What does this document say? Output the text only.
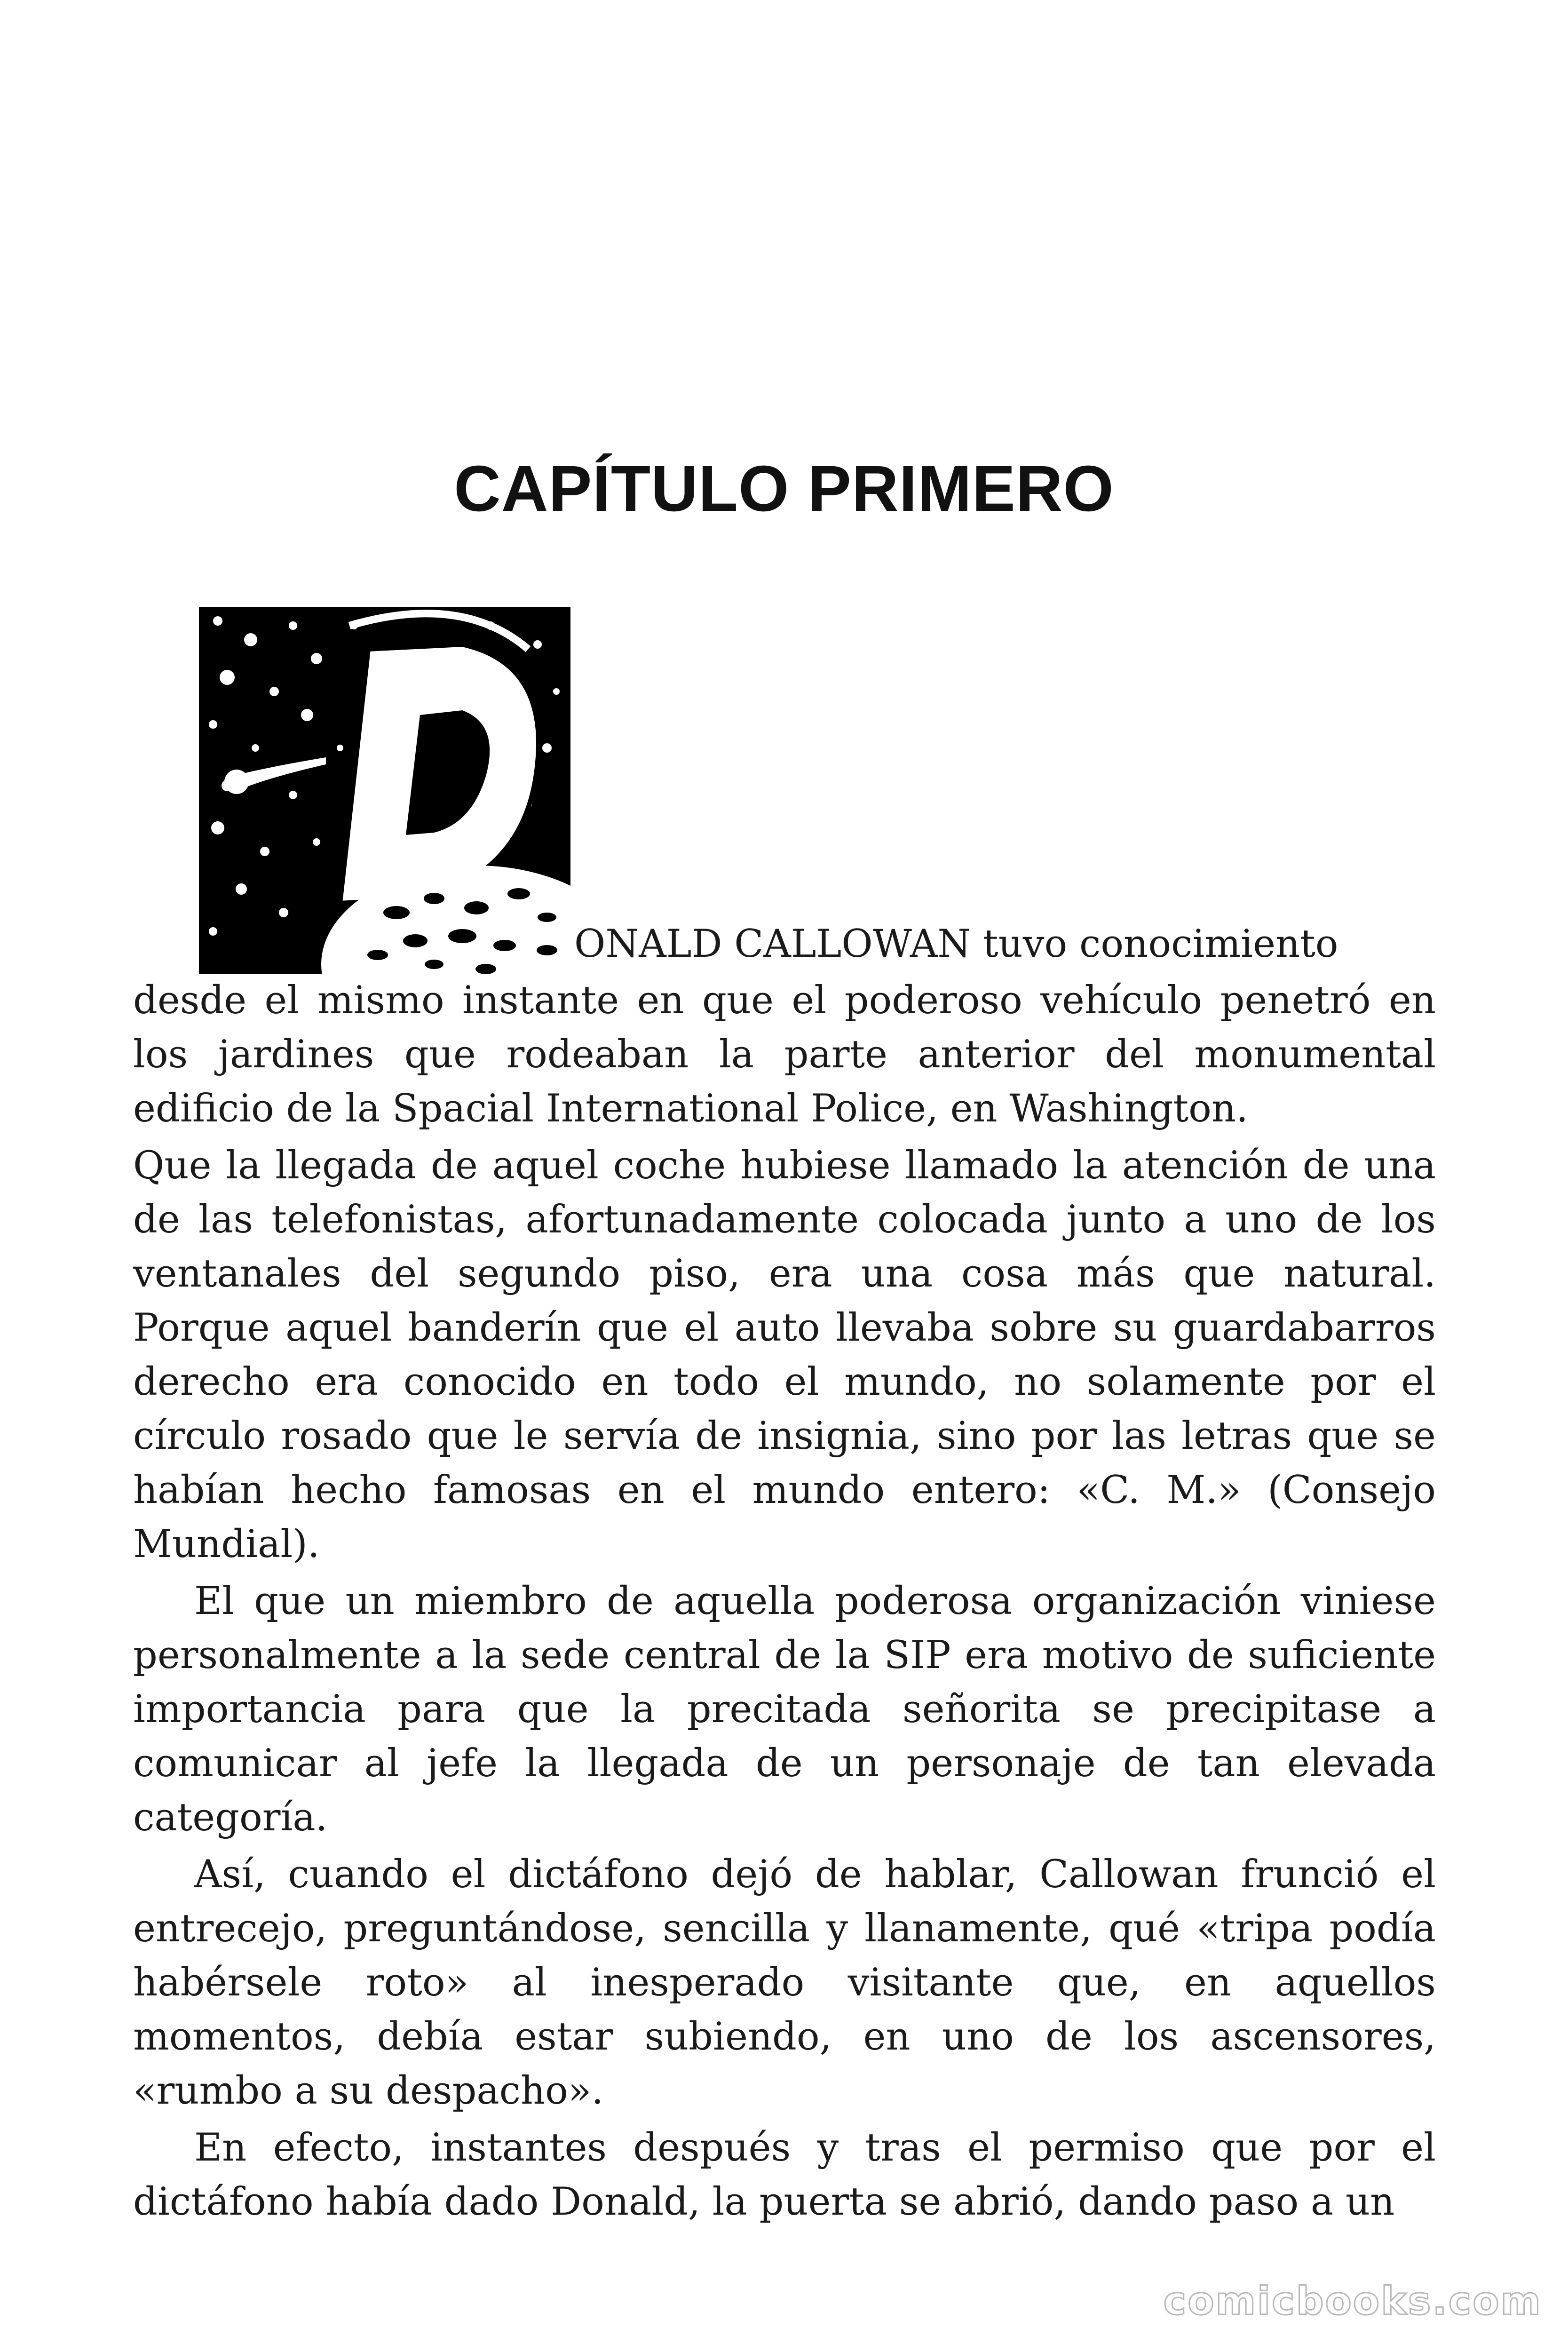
CAPÍTULO PRIMERO

ONALD CALLOWAN tuvo conocimiento

desde el mismo instante en que el poderoso vehículo penetró en los jardines que rodeaban la parte anterior del monumental edificio de la Spacial International Police, en Washington.

Que la llegada de aquel coche hubiese llamado la atención de una de las telefonistas, afortunadamente colocada junto a uno de los ventanales del segundo piso, era una cosa más que natural. Porque aquel banderín que el auto llevaba sobre su guardabarros derecho era conocido en todo el mundo, no solamente por el círculo rosado que le servía de insignia, sino por las letras que se habían hecho famosas en el mundo entero: «C. M.» (Consejo Mundial).

El que un miembro de aquella poderosa organización viniese personalmente a la sede central de la SIP era motivo de suficiente importancia para que la precitada señorita se precipitase a comunicar al jefe la llegada de un personaje de tan elevada categoría.

Así, cuando el dictáfono dejó de hablar, Callowan frunció el entrecejo, preguntándose, sencilla y llanamente, qué «tripa podía habérsele roto» al inesperado visitante que, en aquellos momentos, debía estar subiendo, en uno de los ascensores, «rumbo a su despacho».

En efecto, instantes después y tras el permiso que por el dictáfono había dado Donald, la puerta se abrió, dando paso a un

comicbooks.com
